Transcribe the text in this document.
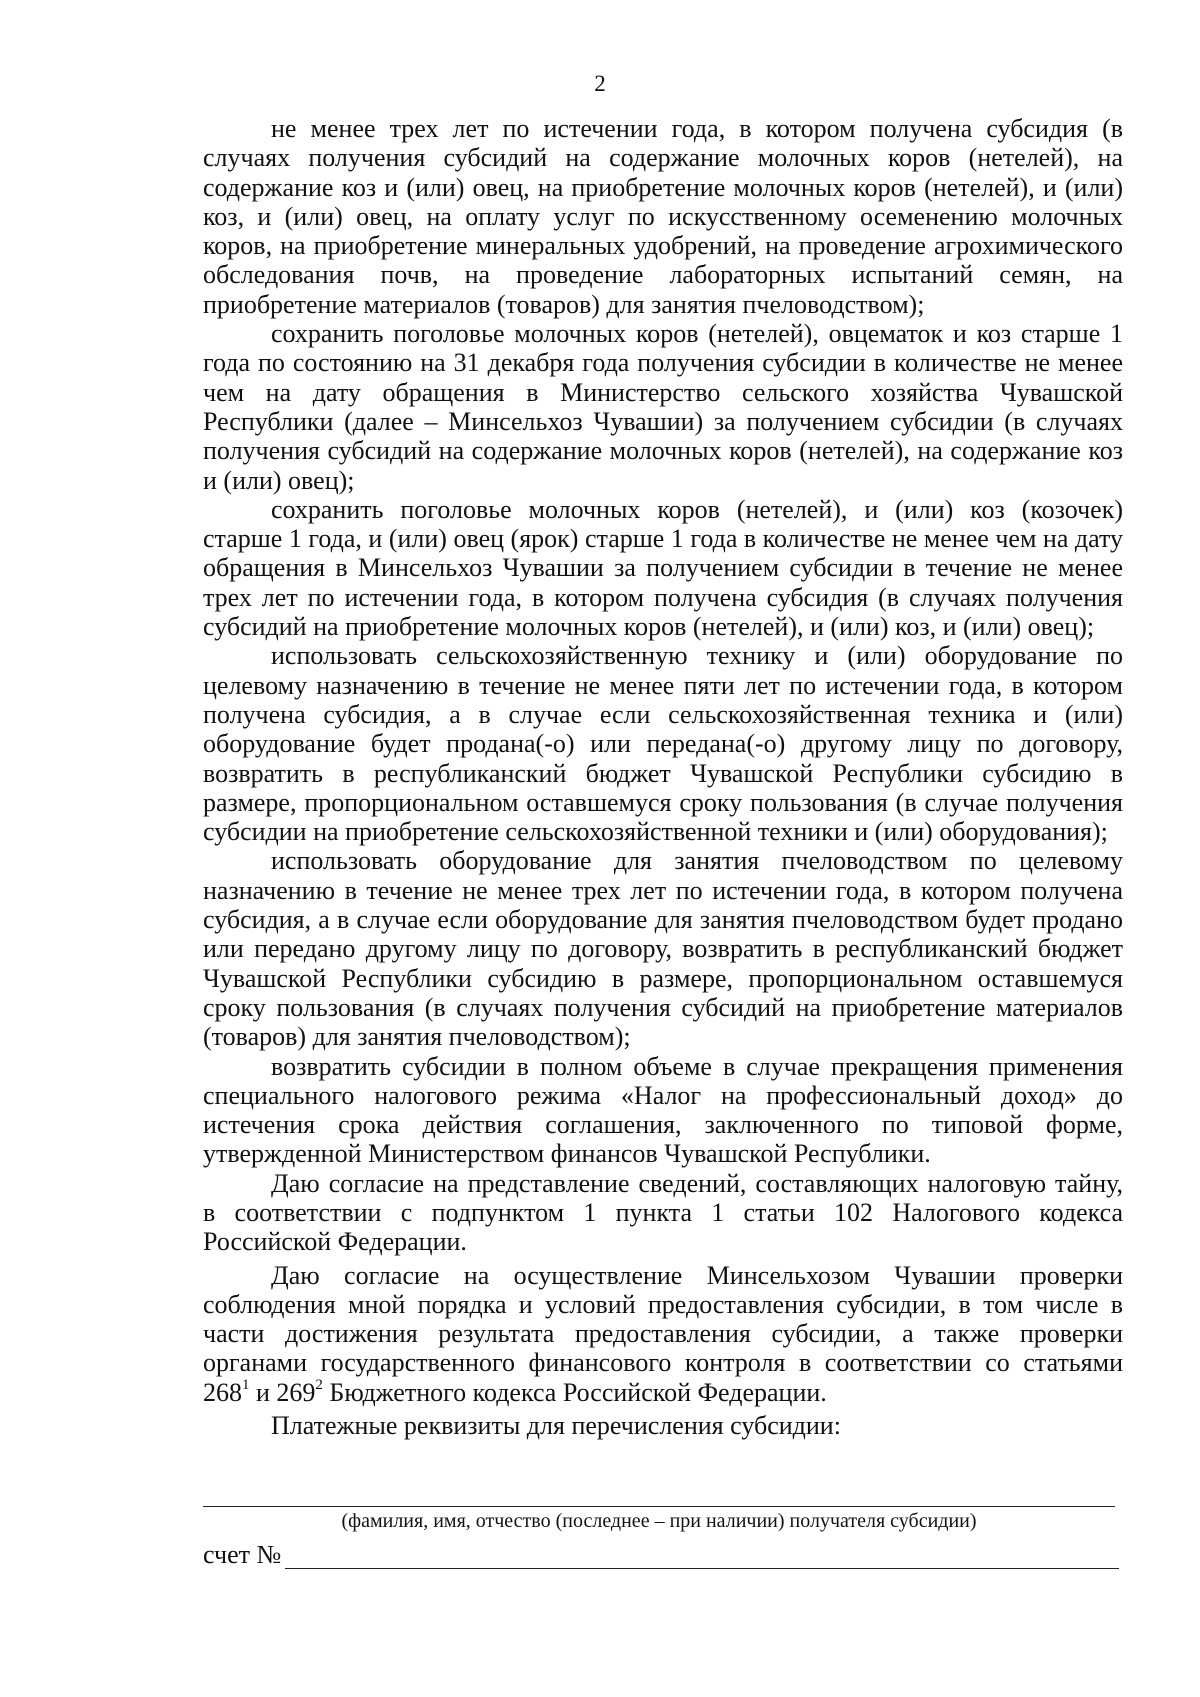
2

не менее трех лет по истечении года, в котором получена субсидия (в случаях получения субсидий на содержание молочных коров (нетелей), на содержание коз и (или) овец, на приобретение молочных коров (нетелей), и (или) коз, и (или) овец, на оплату услуг по искусственному осеменению молочных коров, на приобретение минеральных удобрений, на проведение агрохимического обследования почв, на проведение лабораторных испытаний семян, на приобретение материалов (товаров) для занятия пчеловодством);

сохранить поголовье молочных коров (нетелей), овцематок и коз старше 1 года по состоянию на 31 декабря года получения субсидии в количестве не менее чем на дату обращения в Министерство сельского хозяйства Чувашской Республики (далее – Минсельхоз Чувашии) за получением субсидии (в случаях получения субсидий на содержание молочных коров (нетелей), на содержание коз и (или) овец);

сохранить поголовье молочных коров (нетелей), и (или) коз (козочек) старше 1 года, и (или) овец (ярок) старше 1 года в количестве не менее чем на дату обращения в Минсельхоз Чувашии за получением субсидии в течение не менее трех лет по истечении года, в котором получена субсидия (в случаях получения субсидий на приобретение молочных коров (нетелей), и (или) коз, и (или) овец);

использовать сельскохозяйственную технику и (или) оборудование по целевому назначению в течение не менее пяти лет по истечении года, в котором получена субсидия, а в случае если сельскохозяйственная техника и (или) оборудование будет продана(-о) или передана(-о) другому лицу по договору, возвратить в республиканский бюджет Чувашской Республики субсидию в размере, пропорциональном оставшемуся сроку пользования (в случае получения субсидии на приобретение сельскохозяйственной техники и (или) оборудования);

использовать оборудование для занятия пчеловодством по целевому назначению в течение не менее трех лет по истечении года, в котором получена субсидия, а в случае если оборудование для занятия пчеловодством будет продано или передано другому лицу по договору, возвратить в республиканский бюджет Чувашской Республики субсидию в размере, пропорциональном оставшемуся сроку пользования (в случаях получения субсидий на приобретение материалов (товаров) для занятия пчеловодством);

возвратить субсидии в полном объеме в случае прекращения применения специального налогового режима «Налог на профессиональный доход» до истечения срока действия соглашения, заключенного по типовой форме, утвержденной Министерством финансов Чувашской Республики.

Даю согласие на представление сведений, составляющих налоговую тайну, в соответствии с подпунктом 1 пункта 1 статьи 102 Налогового кодекса Российской Федерации.

Даю согласие на осуществление Минсельхозом Чувашии проверки соблюдения мной порядка и условий предоставления субсидии, в том числе в части достижения результата предоставления субсидии, а также проверки органами государственного финансового контроля в соответствии со статьями $268^1$ и $269^2$ Бюджетного кодекса Российской Федерации.

Платежные реквизиты для перечисления субсидии:

(фамилия, имя, отчество (последнее – при наличии) получателя субсидии)
счет №
